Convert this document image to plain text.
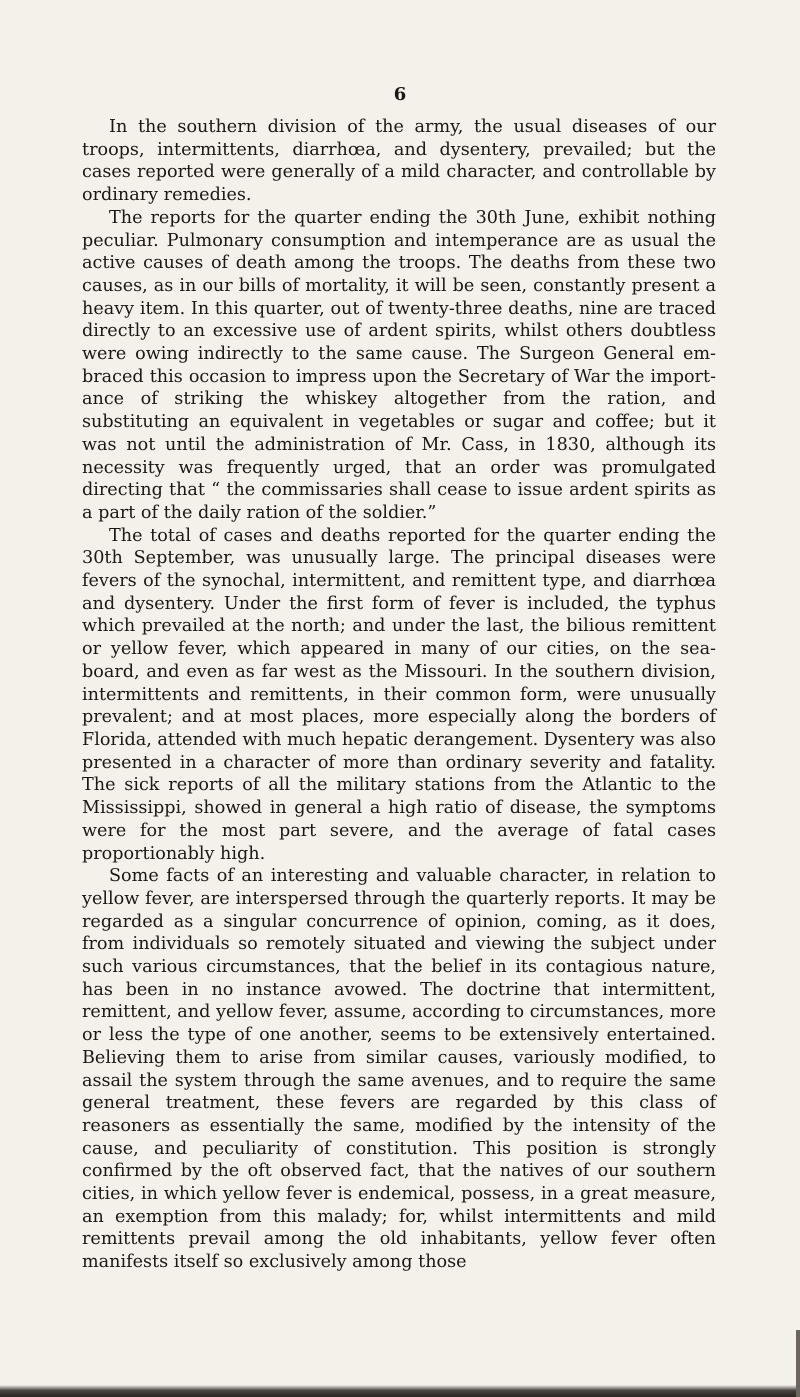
6

In the southern division of the army, the usual diseases of our troops, intermittents, diarrhœa, and dysentery, prevailed; but the cases reported were generally of a mild character, and controllable by ordinary remedies.

The reports for the quarter ending the 30th June, exhibit nothing peculiar. Pulmonary consumption and intemperance are as usual the active causes of death among the troops. The deaths from these two causes, as in our bills of mortality, it will be seen, constantly present a heavy item. In this quarter, out of twenty-three deaths, nine are traced directly to an excessive use of ardent spirits, whilst others doubtless were owing indirectly to the same cause. The Surgeon General embraced this occasion to impress upon the Secretary of War the importance of striking the whiskey altogether from the ration, and substituting an equivalent in vegetables or sugar and coffee; but it was not until the administration of Mr. Cass, in 1830, although its necessity was frequently urged, that an order was promulgated directing that “ the commissaries shall cease to issue ardent spirits as a part of the daily ration of the soldier.”

The total of cases and deaths reported for the quarter ending the 30th September, was unusually large. The principal diseases were fevers of the synochal, intermittent, and remittent type, and diarrhœa and dysentery. Under the first form of fever is included, the typhus which prevailed at the north; and under the last, the bilious remittent or yellow fever, which appeared in many of our cities, on the sea-board, and even as far west as the Missouri. In the southern division, intermittents and remittents, in their common form, were unusually prevalent; and at most places, more especially along the borders of Florida, attended with much hepatic derangement. Dysentery was also presented in a character of more than ordinary severity and fatality. The sick reports of all the military stations from the Atlantic to the Mississippi, showed in general a high ratio of disease, the symptoms were for the most part severe, and the average of fatal cases proportionably high.

Some facts of an interesting and valuable character, in relation to yellow fever, are interspersed through the quarterly reports. It may be regarded as a singular concurrence of opinion, coming, as it does, from individuals so remotely situated and viewing the subject under such various circumstances, that the belief in its contagious nature, has been in no instance avowed. The doctrine that intermittent, remittent, and yellow fever, assume, according to circumstances, more or less the type of one another, seems to be extensively entertained. Believing them to arise from similar causes, variously modified, to assail the system through the same avenues, and to require the same general treatment, these fevers are regarded by this class of reasoners as essentially the same, modified by the intensity of the cause, and peculiarity of constitution. This position is strongly confirmed by the oft observed fact, that the natives of our southern cities, in which yellow fever is endemical, possess, in a great measure, an exemption from this malady; for, whilst intermittents and mild remittents prevail among the old inhabitants, yellow fever often manifests itself so exclusively among those
